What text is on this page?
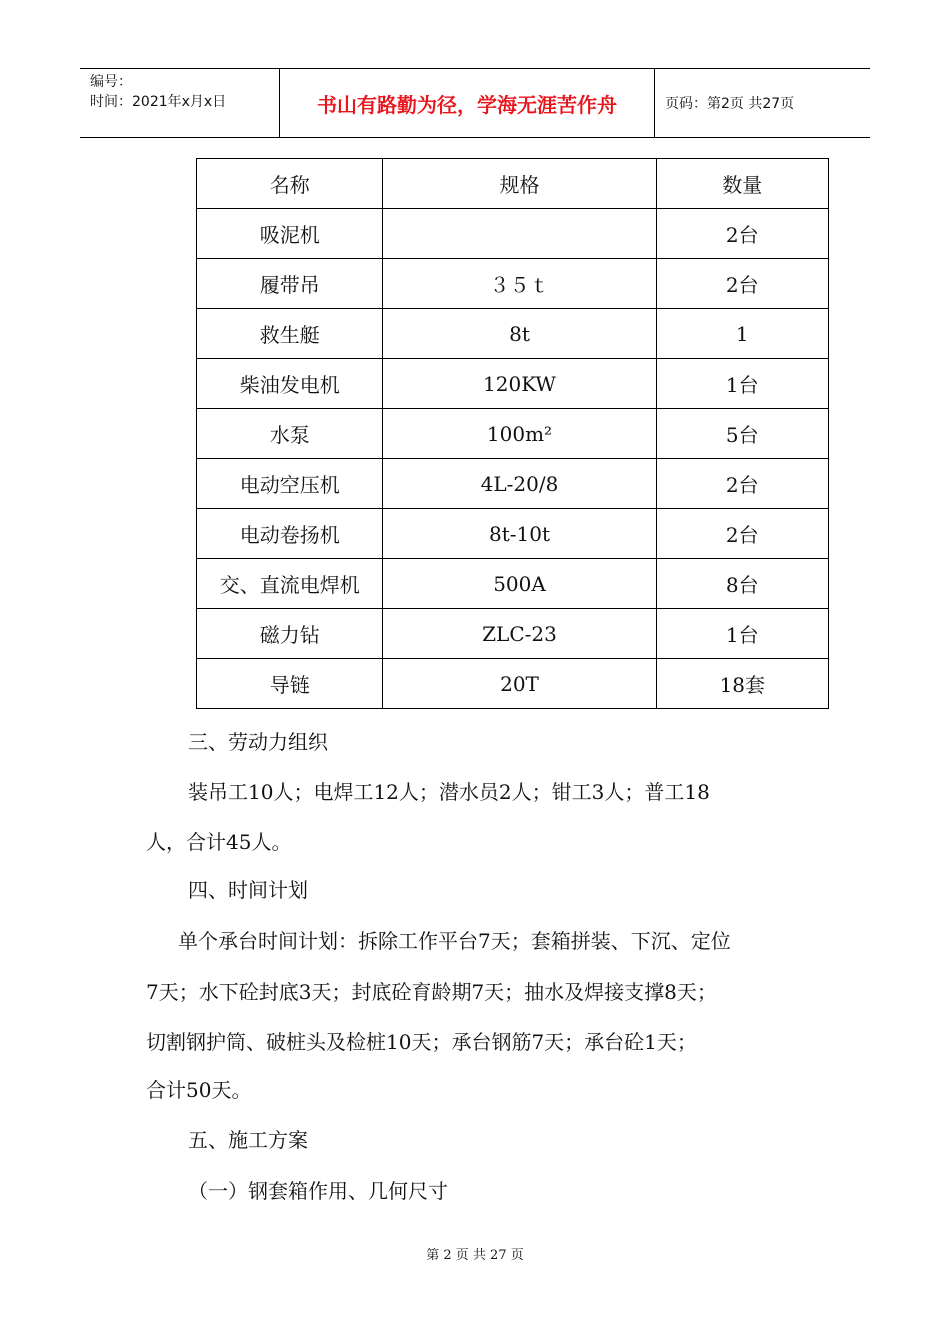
编号：
时间：2021年x月x日	书山有路勤为径，学海无涯苦作舟	页码：第2页 共27页
名称	规格	数量
吸泥机		2台
履带吊	３５ｔ	2台
救生艇	8t	1
柴油发电机	120KW	1台
水泵	100m²	5台
电动空压机	4L-20/8	2台
电动卷扬机	8t-10t	2台
交、直流电焊机	500A	8台
磁力钻	ZLC-23	1台
导链	20T	18套
三、劳动力组织
装吊工10人；电焊工12人；潜水员2人；钳工3人；普工18
人，合计45人。
四、时间计划
单个承台时间计划：拆除工作平台7天；套箱拼装、下沉、定位
7天；水下砼封底3天；封底砼育龄期7天；抽水及焊接支撑8天；
切割钢护筒、破桩头及检桩10天；承台钢筋7天；承台砼1天；
合计50天。
五、施工方案
（一）钢套箱作用、几何尺寸
第 2 页 共 27 页
